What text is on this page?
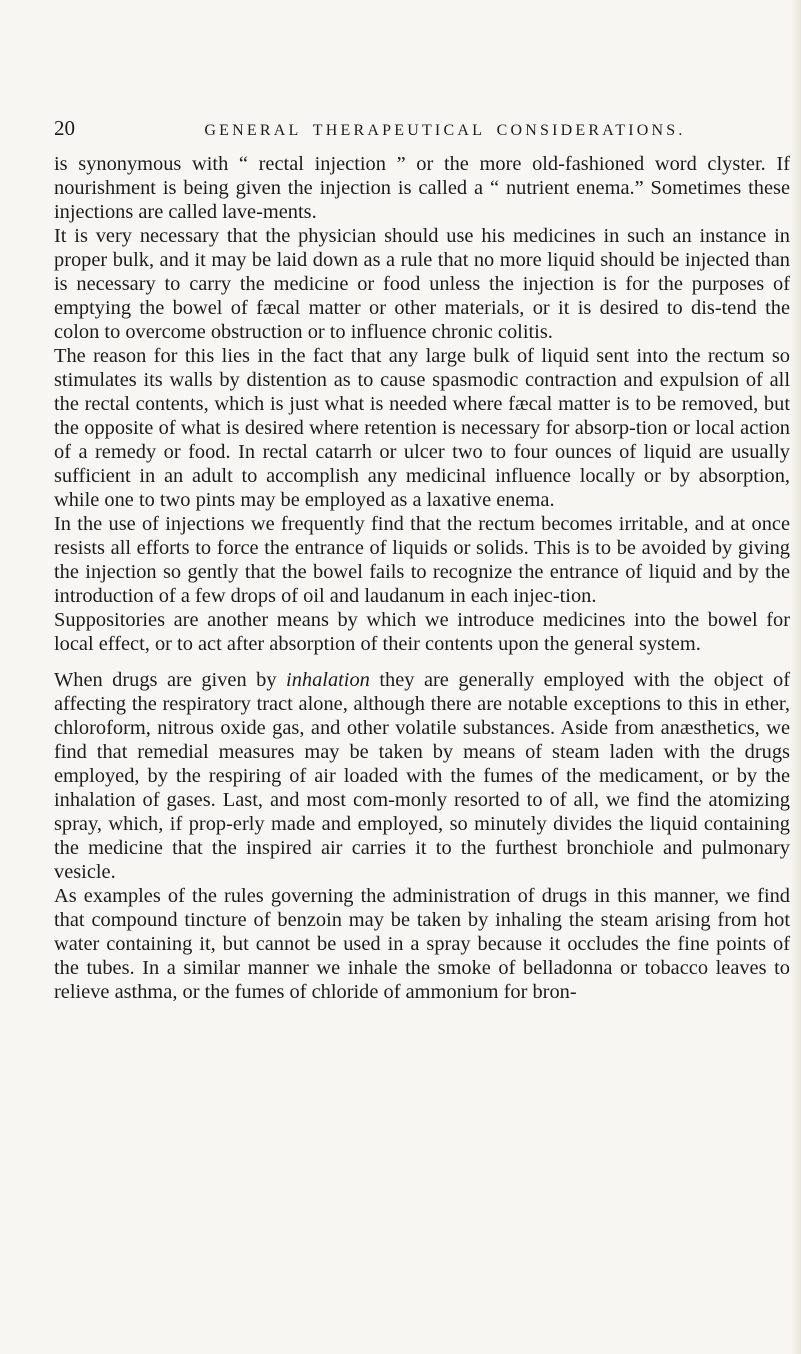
20	GENERAL THERAPEUTICAL CONSIDERATIONS.

is synonymous with “ rectal injection ” or the more old-fashioned word clyster. If nourishment is being given the injection is called a “ nutrient enema.” Sometimes these injections are called lave-ments.

It is very necessary that the physician should use his medicines in such an instance in proper bulk, and it may be laid down as a rule that no more liquid should be injected than is necessary to carry the medicine or food unless the injection is for the purposes of emptying the bowel of fæcal matter or other materials, or it is desired to dis-tend the colon to overcome obstruction or to influence chronic colitis.

The reason for this lies in the fact that any large bulk of liquid sent into the rectum so stimulates its walls by distention as to cause spasmodic contraction and expulsion of all the rectal contents, which is just what is needed where fæcal matter is to be removed, but the opposite of what is desired where retention is necessary for absorp-tion or local action of a remedy or food. In rectal catarrh or ulcer two to four ounces of liquid are usually sufficient in an adult to accomplish any medicinal influence locally or by absorption, while one to two pints may be employed as a laxative enema.

In the use of injections we frequently find that the rectum becomes irritable, and at once resists all efforts to force the entrance of liquids or solids. This is to be avoided by giving the injection so gently that the bowel fails to recognize the entrance of liquid and by the introduction of a few drops of oil and laudanum in each injec-tion.

Suppositories are another means by which we introduce medicines into the bowel for local effect, or to act after absorption of their contents upon the general system.

When drugs are given by inhalation they are generally employed with the object of affecting the respiratory tract alone, although there are notable exceptions to this in ether, chloroform, nitrous oxide gas, and other volatile substances. Aside from anæsthetics, we find that remedial measures may be taken by means of steam laden with the drugs employed, by the respiring of air loaded with the fumes of the medicament, or by the inhalation of gases. Last, and most com-monly resorted to of all, we find the atomizing spray, which, if prop-erly made and employed, so minutely divides the liquid containing the medicine that the inspired air carries it to the furthest bronchiole and pulmonary vesicle.

As examples of the rules governing the administration of drugs in this manner, we find that compound tincture of benzoin may be taken by inhaling the steam arising from hot water containing it, but cannot be used in a spray because it occludes the fine points of the tubes. In a similar manner we inhale the smoke of belladonna or tobacco leaves to relieve asthma, or the fumes of chloride of ammonium for bron-
